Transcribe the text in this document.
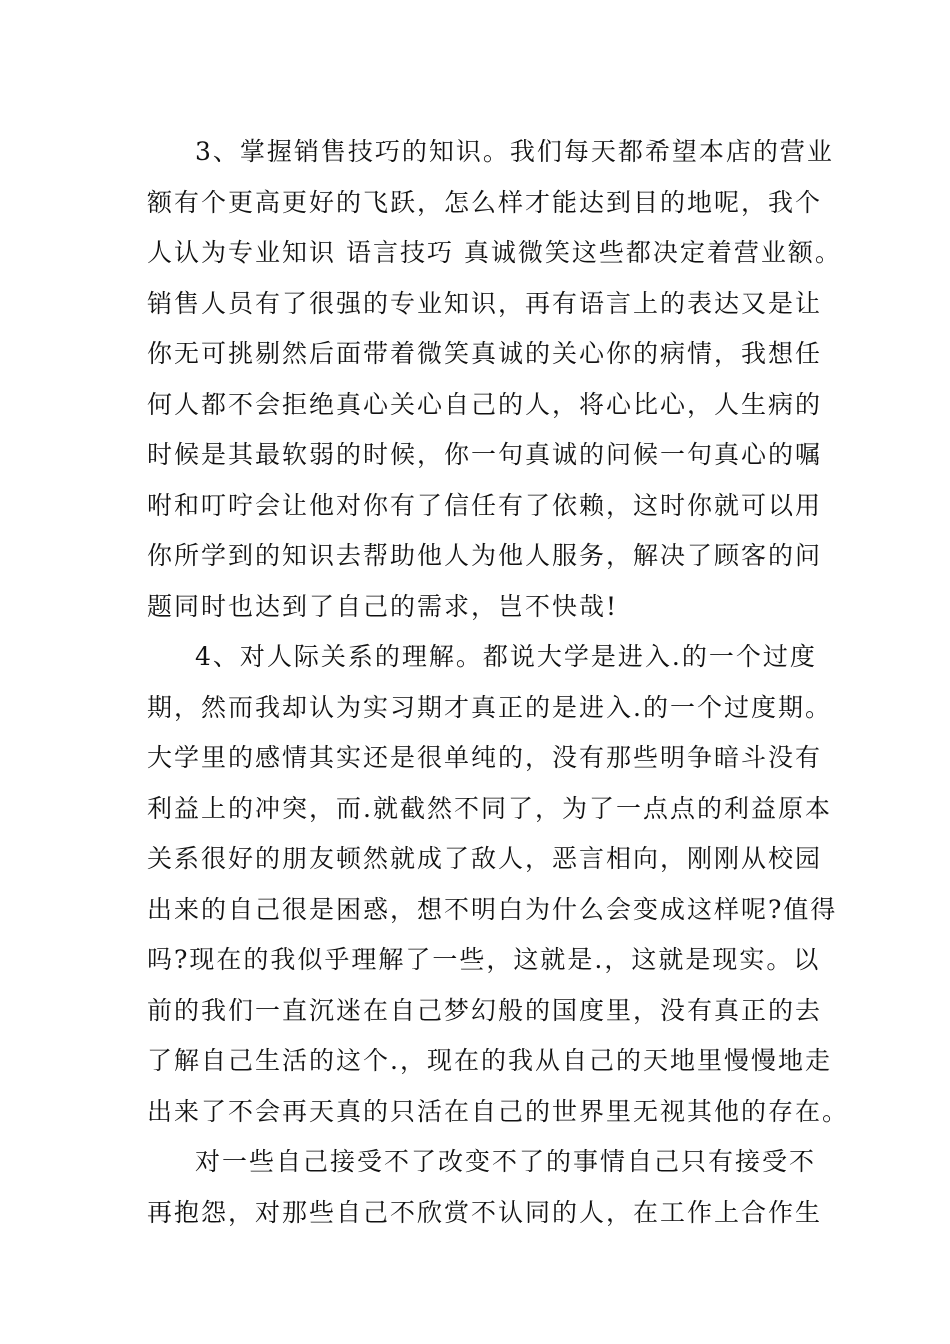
3、掌握销售技巧的知识。我们每天都希望本店的营业
额有个更高更好的飞跃，怎么样才能达到目的地呢，我个
人认为专业知识 语言技巧 真诚微笑这些都决定着营业额。
销售人员有了很强的专业知识，再有语言上的表达又是让
你无可挑剔然后面带着微笑真诚的关心你的病情，我想任
何人都不会拒绝真心关心自己的人，将心比心，人生病的
时候是其最软弱的时候，你一句真诚的问候一句真心的嘱
咐和叮咛会让他对你有了信任有了依赖，这时你就可以用
你所学到的知识去帮助他人为他人服务，解决了顾客的问
题同时也达到了自己的需求，岂不快哉!
4、对人际关系的理解。都说大学是进入.的一个过度
期，然而我却认为实习期才真正的是进入.的一个过度期。
大学里的感情其实还是很单纯的，没有那些明争暗斗没有
利益上的冲突，而.就截然不同了，为了一点点的利益原本
关系很好的朋友顿然就成了敌人，恶言相向，刚刚从校园
出来的自己很是困惑，想不明白为什么会变成这样呢?值得
吗?现在的我似乎理解了一些，这就是.，这就是现实。以
前的我们一直沉迷在自己梦幻般的国度里，没有真正的去
了解自己生活的这个.，现在的我从自己的天地里慢慢地走
出来了不会再天真的只活在自己的世界里无视其他的存在。
对一些自己接受不了改变不了的事情自己只有接受不
再抱怨，对那些自己不欣赏不认同的人，在工作上合作生
